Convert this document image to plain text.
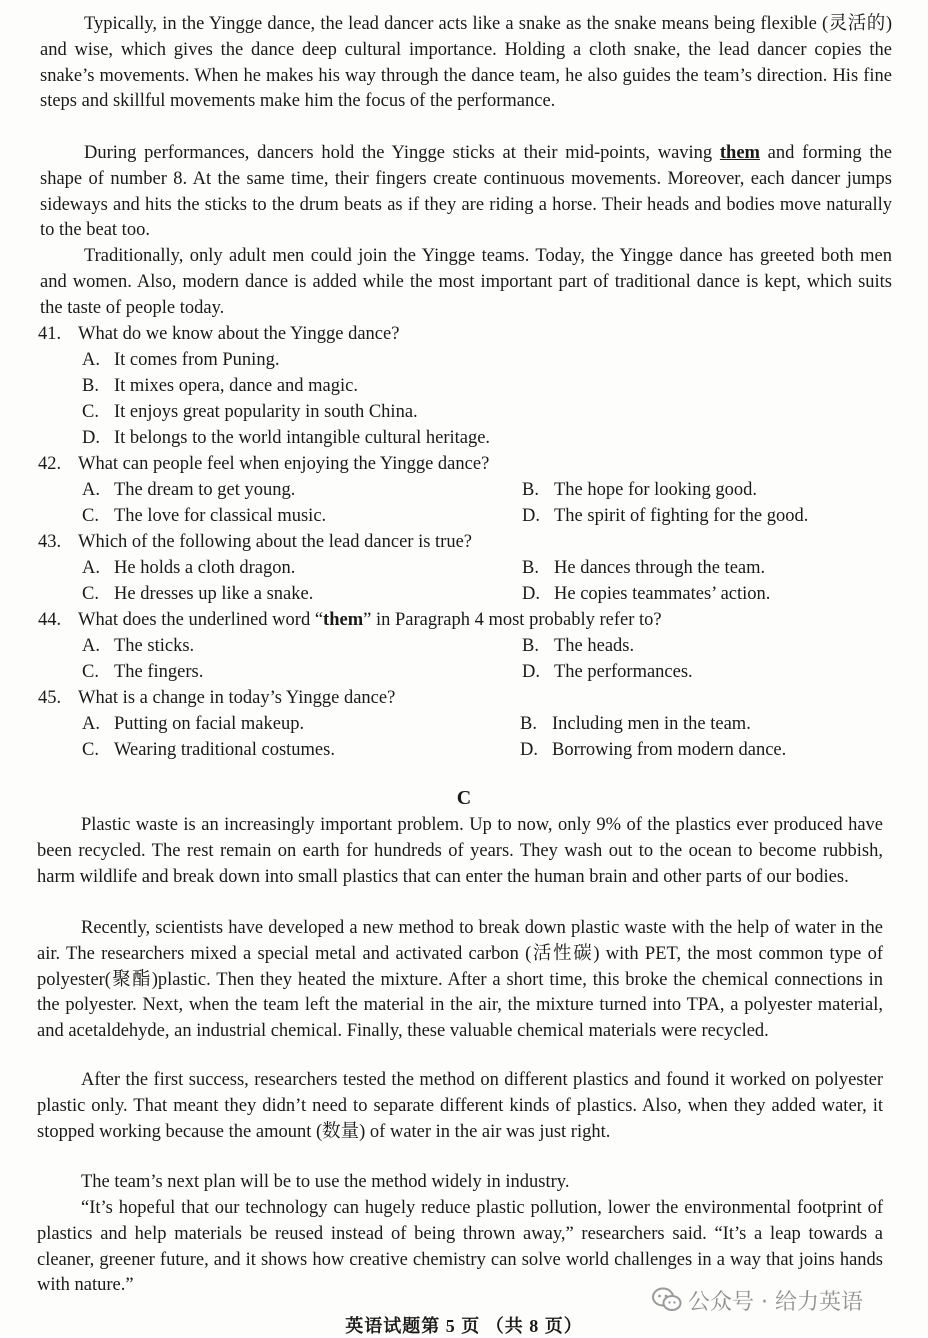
Typically, in the Yingge dance, the lead dancer acts like a snake as the snake means being flexible (灵活的) and wise, which gives the dance deep cultural importance. Holding a cloth snake, the lead dancer copies the snake’s movements. When he makes his way through the dance team, he also guides the team’s direction. His fine steps and skillful movements make him the focus of the performance.

During performances, dancers hold the Yingge sticks at their mid-points, waving them and forming the shape of number 8. At the same time, their fingers create continuous movements. Moreover, each dancer jumps sideways and hits the sticks to the drum beats as if they are riding a horse. Their heads and bodies move naturally to the beat too.

Traditionally, only adult men could join the Yingge teams. Today, the Yingge dance has greeted both men and women. Also, modern dance is added while the most important part of traditional dance is kept, which suits the taste of people today.

41. What do we know about the Yingge dance?
A. It comes from Puning.
B. It mixes opera, dance and magic.
C. It enjoys great popularity in south China.
D. It belongs to the world intangible cultural heritage.
42. What can people feel when enjoying the Yingge dance?
A. The dream to get young.	B. The hope for looking good.
C. The love for classical music.	D. The spirit of fighting for the good.
43. Which of the following about the lead dancer is true?
A. He holds a cloth dragon.	B. He dances through the team.
C. He dresses up like a snake.	D. He copies teammates’ action.
44. What does the underlined word “them” in Paragraph 4 most probably refer to?
A. The sticks.	B. The heads.
C. The fingers.	D. The performances.
45. What is a change in today’s Yingge dance?
A. Putting on facial makeup.	B. Including men in the team.
C. Wearing traditional costumes.	D. Borrowing from modern dance.
C

Plastic waste is an increasingly important problem. Up to now, only 9% of the plastics ever produced have been recycled. The rest remain on earth for hundreds of years. They wash out to the ocean to become rubbish, harm wildlife and break down into small plastics that can enter the human brain and other parts of our bodies.

Recently, scientists have developed a new method to break down plastic waste with the help of water in the air. The researchers mixed a special metal and activated carbon (活性碳) with PET, the most common type of polyester(聚酯)plastic. Then they heated the mixture. After a short time, this broke the chemical connections in the polyester. Next, when the team left the material in the air, the mixture turned into TPA, a polyester material, and acetaldehyde, an industrial chemical. Finally, these valuable chemical materials were recycled.

After the first success, researchers tested the method on different plastics and found it worked on polyester plastic only. That meant they didn’t need to separate different kinds of plastics. Also, when they added water, it stopped working because the amount (数量) of water in the air was just right.

The team’s next plan will be to use the method widely in industry.

“It’s hopeful that our technology can hugely reduce plastic pollution, lower the environmental footprint of plastics and help materials be reused instead of being thrown away,” researchers said. “It’s a leap towards a cleaner, greener future, and it shows how creative chemistry can solve world challenges in a way that joins hands with nature.”

公众号 · 给力英语
英语试题第 5 页 （共 8 页）
